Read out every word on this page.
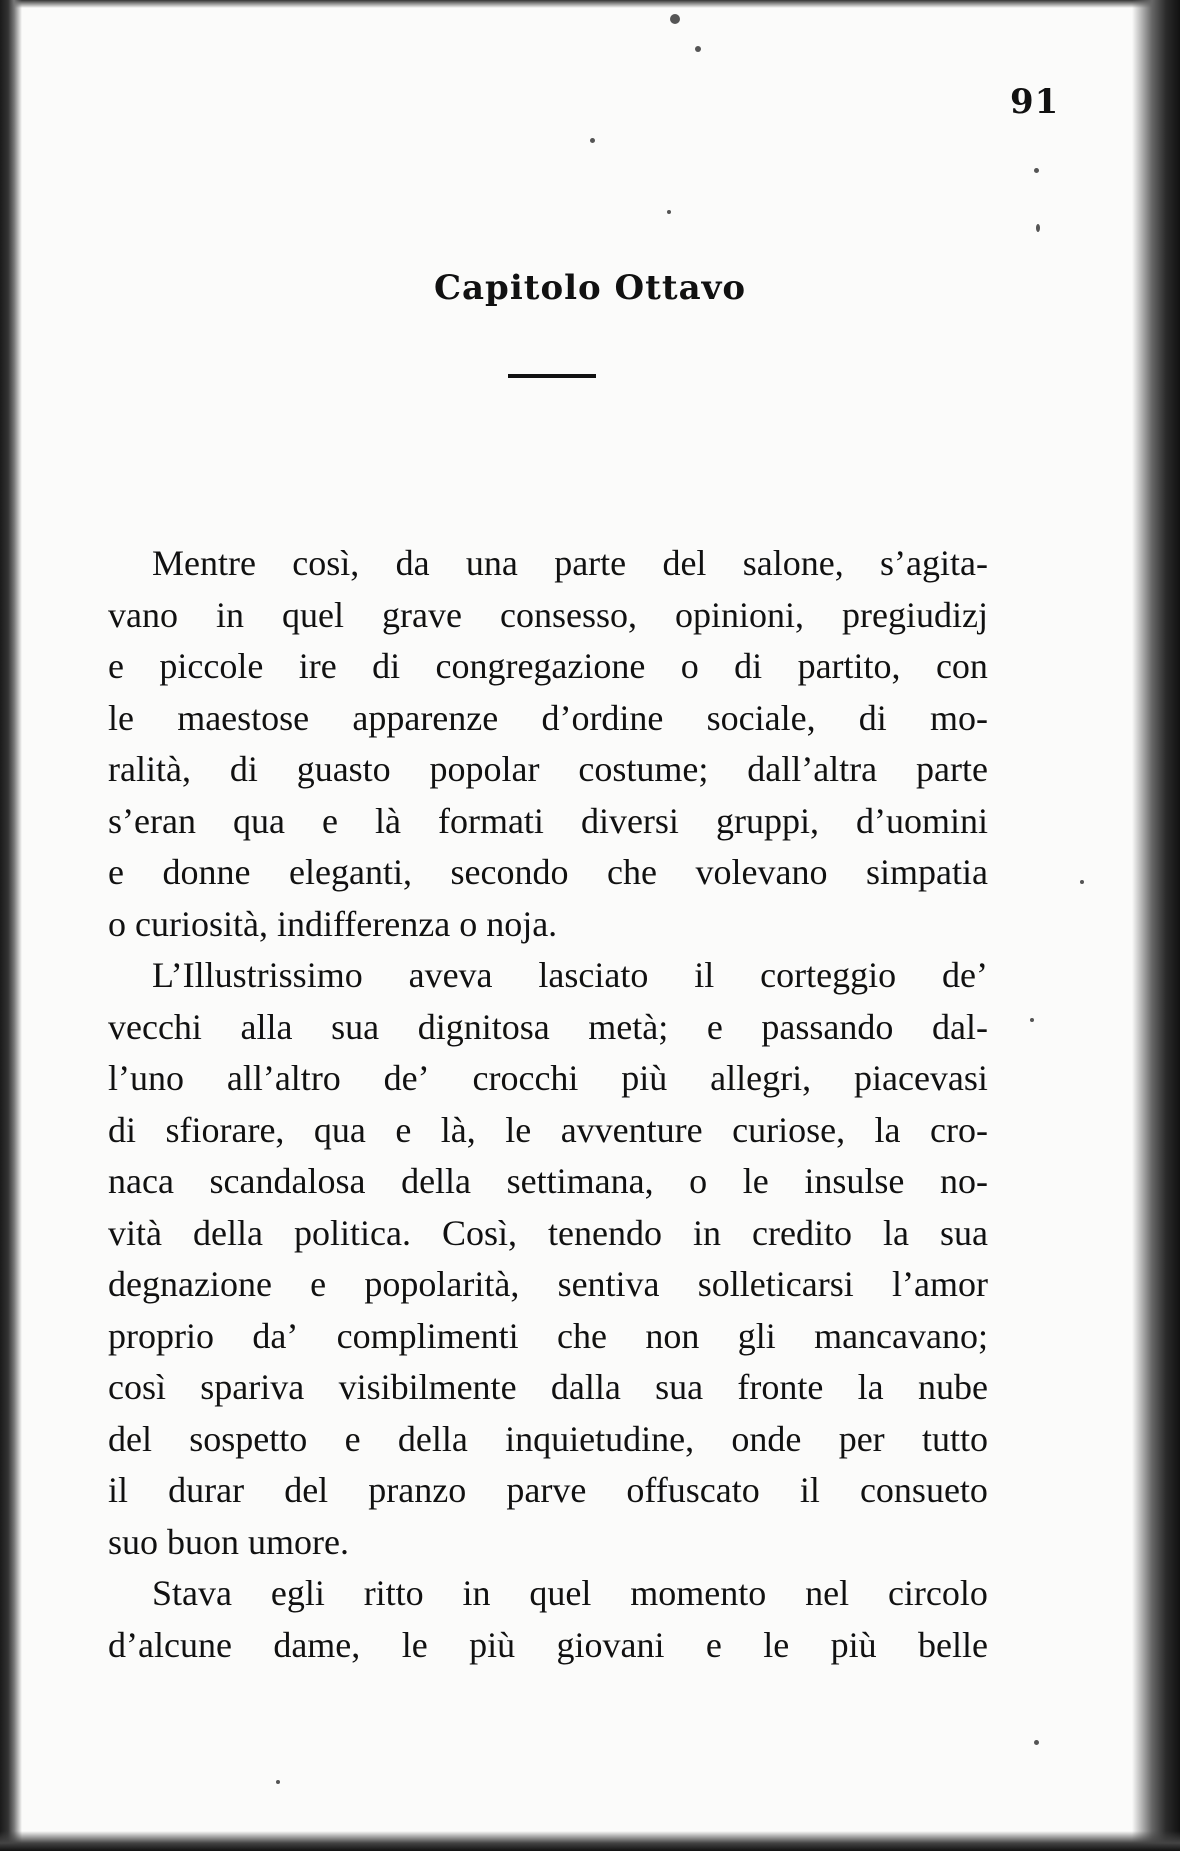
91
Capitolo Ottavo
Mentre così, da una parte del salone, s’agita-
vano in quel grave consesso, opinioni, pregiudizj
e piccole ire di congregazione o di partito, con
le maestose apparenze d’ordine sociale, di mo-
ralità, di guasto popolar costume; dall’altra parte
s’eran qua e là formati diversi gruppi, d’uomini
e donne eleganti, secondo che volevano simpatia
o curiosità, indifferenza o noja.
L’Illustrissimo aveva lasciato il corteggio de’
vecchi alla sua dignitosa metà; e passando dal-
l’uno all’altro de’ crocchi più allegri, piacevasi
di sfiorare, qua e là, le avventure curiose, la cro-
naca scandalosa della settimana, o le insulse no-
vità della politica. Così, tenendo in credito la sua
degnazione e popolarità, sentiva solleticarsi l’amor
proprio da’ complimenti che non gli mancavano;
così spariva visibilmente dalla sua fronte la nube
del sospetto e della inquietudine, onde per tutto
il durar del pranzo parve offuscato il consueto
suo buon umore.
Stava egli ritto in quel momento nel circolo
d’alcune dame, le più giovani e le più belle
